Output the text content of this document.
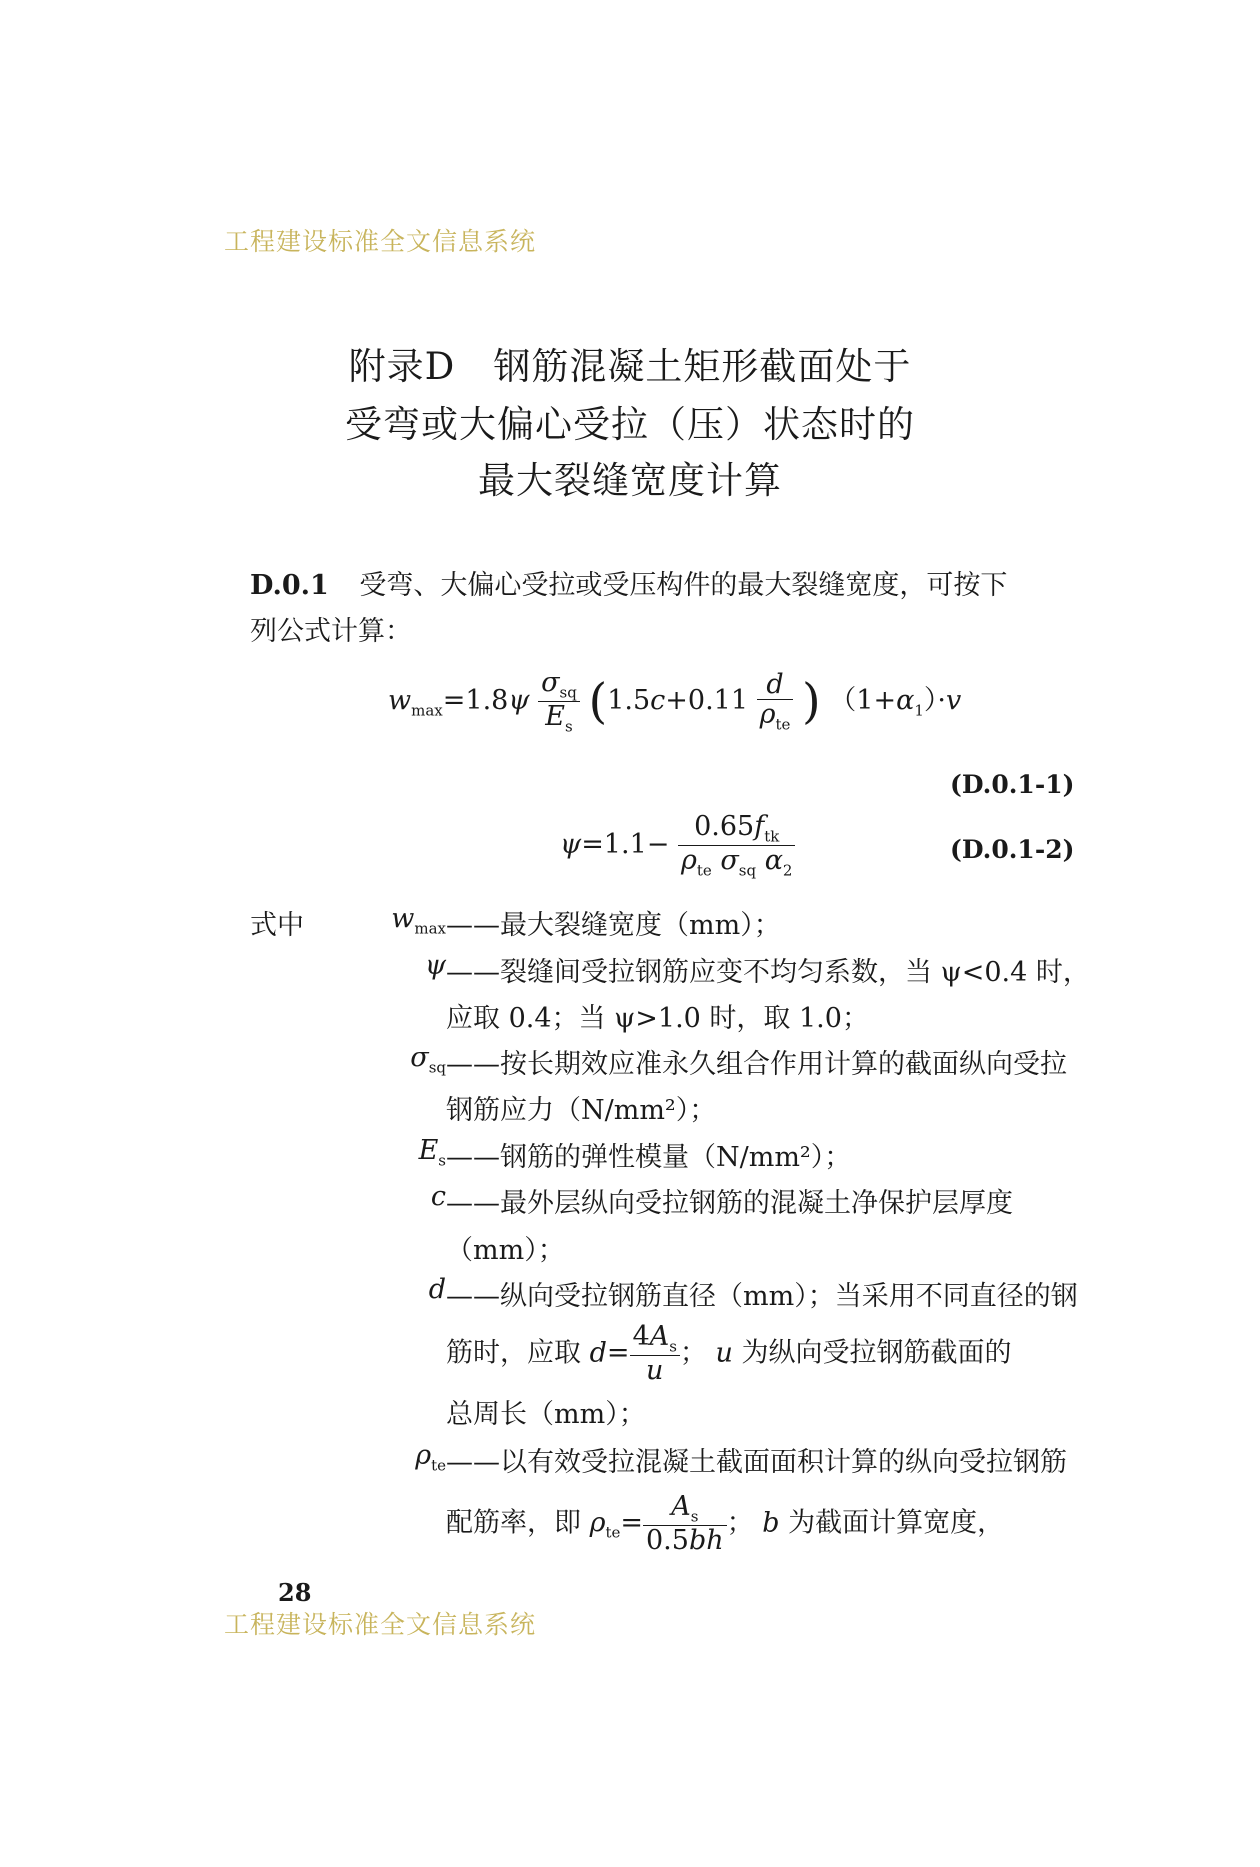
工程建设标准全文信息系统
附录D　钢筋混凝土矩形截面处于
受弯或大偏心受拉（压）状态时的
最大裂缝宽度计算
D.0.1 受弯、大偏心受拉或受压构件的最大裂缝宽度，可按下
列公式计算：
$w_{max}=1.8\psi$
$\sigma_{sq}$
$E_s$ (1.5c+0.11
d
$\rho_{te}$ ) $(1+\alpha_1)\cdot v$
(D.0.1-1)
ψ=1.1−
$0.65f_{tk}$
$\rho_{te}$ $\sigma_{sq}$ $\alpha_2$
(D.0.1-2)
式中	$w_{max}$ ——最大裂缝宽度（mm）；
ψ ——裂缝间受拉钢筋应变不均匀系数，当 ψ<0.4 时，
应取 0.4；当 ψ>1.0 时，取 1.0；
$\sigma_{sq}$ ——按长期效应准永久组合作用计算的截面纵向受拉
钢筋应力（N/mm²）；
$E_s$ ——钢筋的弹性模量（N/mm²）；
c ——最外层纵向受拉钢筋的混凝土净保护层厚度
（mm）；
d ——纵向受拉钢筋直径（mm）；当采用不同直径的钢
筋时，应取 $d= \frac{4A_s}{u}$ ； u 为纵向受拉钢筋截面的
总周长（mm）；
$\rho_{te}$ ——以有效受拉混凝土截面面积计算的纵向受拉钢筋
配筋率，即 $\rho_{te}= \frac{A_s}{0.5bh}$ ； b 为截面计算宽度，
28
工程建设标准全文信息系统
